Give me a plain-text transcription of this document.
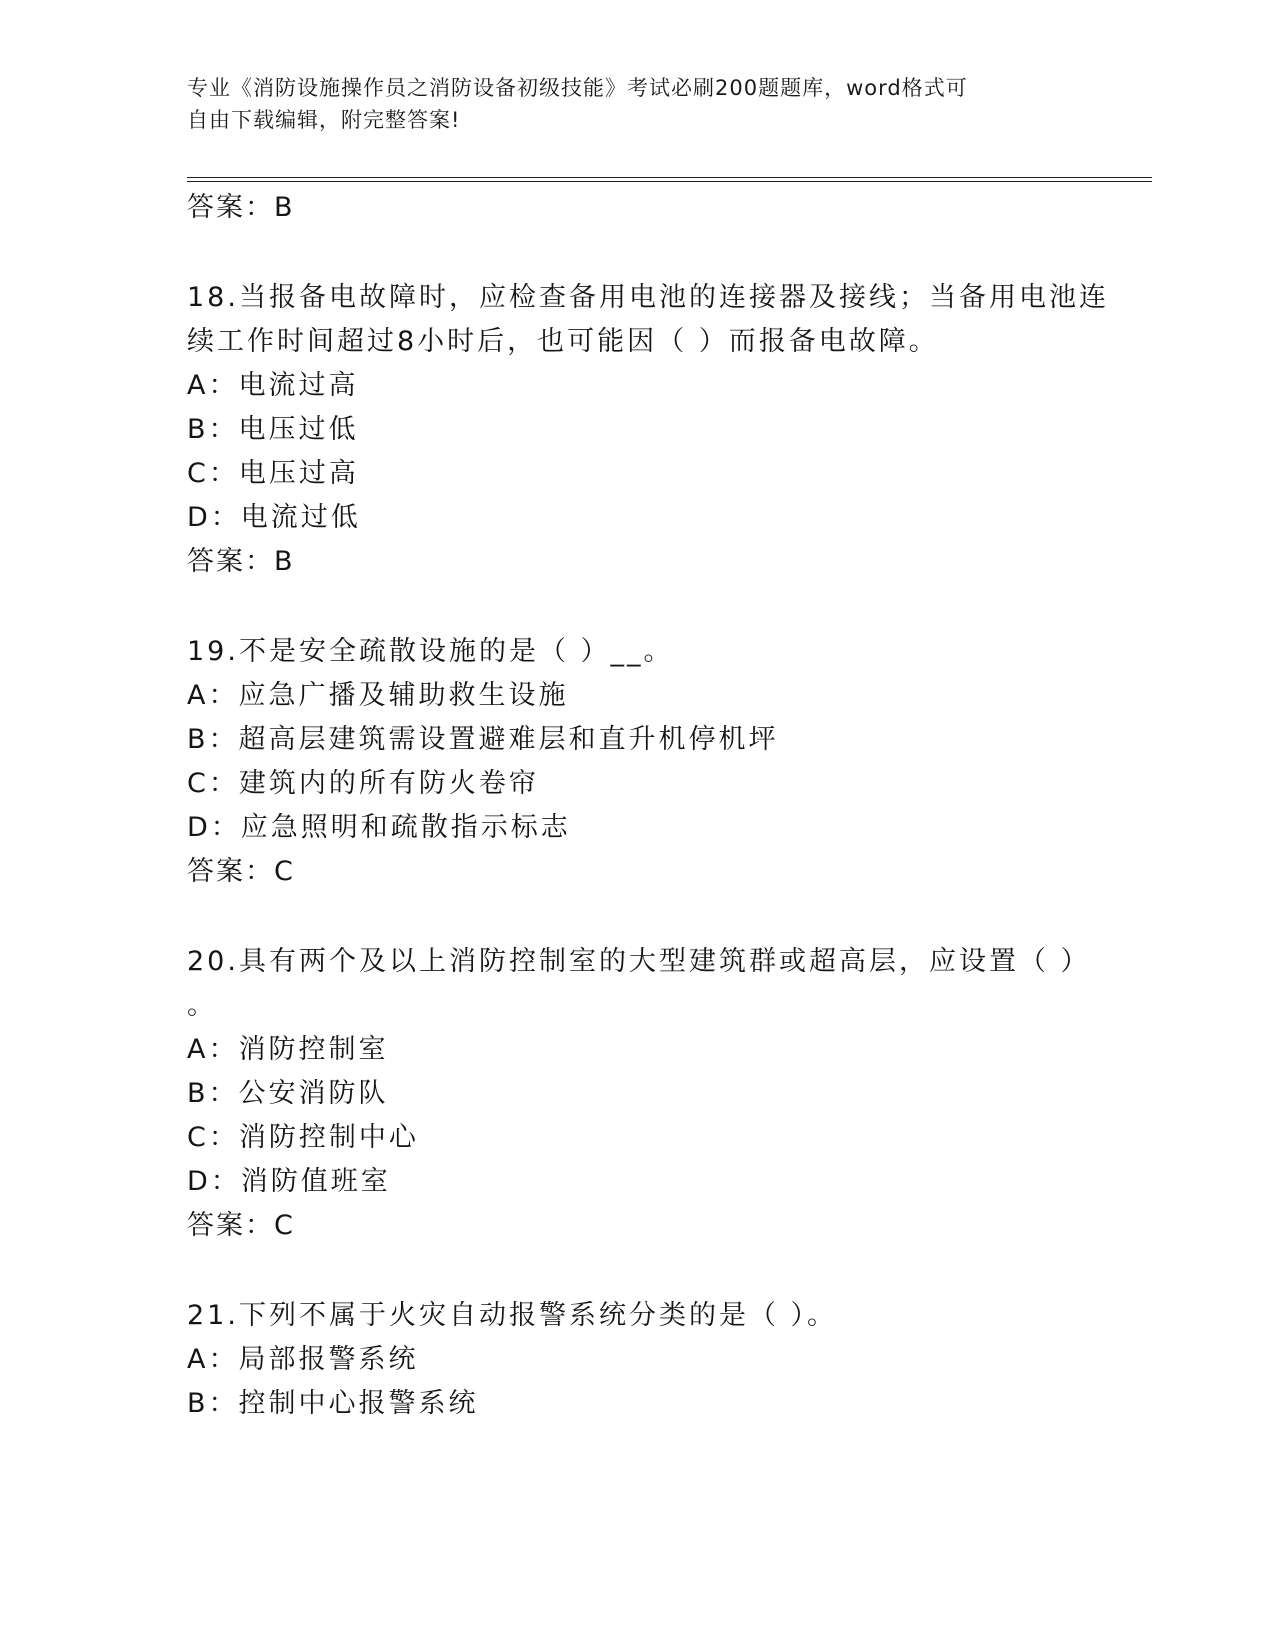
专业《消防设施操作员之消防设备初级技能》考试必刷200题题库，word格式可
自由下载编辑，附完整答案!
答案：B
18.当报备电故障时，应检查备用电池的连接器及接线；当备用电池连
续工作时间超过8小时后，也可能因（ ）而报备电故障。
A：电流过高
B：电压过低
C：电压过高
D：电流过低
答案：B
19.不是安全疏散设施的是（ ）__。
A：应急广播及辅助救生设施
B：超高层建筑需设置避难层和直升机停机坪
C：建筑内的所有防火卷帘
D：应急照明和疏散指示标志
答案：C
20.具有两个及以上消防控制室的大型建筑群或超高层，应设置（ ）
。
A：消防控制室
B：公安消防队
C：消防控制中心
D：消防值班室
答案：C
21.下列不属于火灾自动报警系统分类的是（ ）。
A：局部报警系统
B：控制中心报警系统
